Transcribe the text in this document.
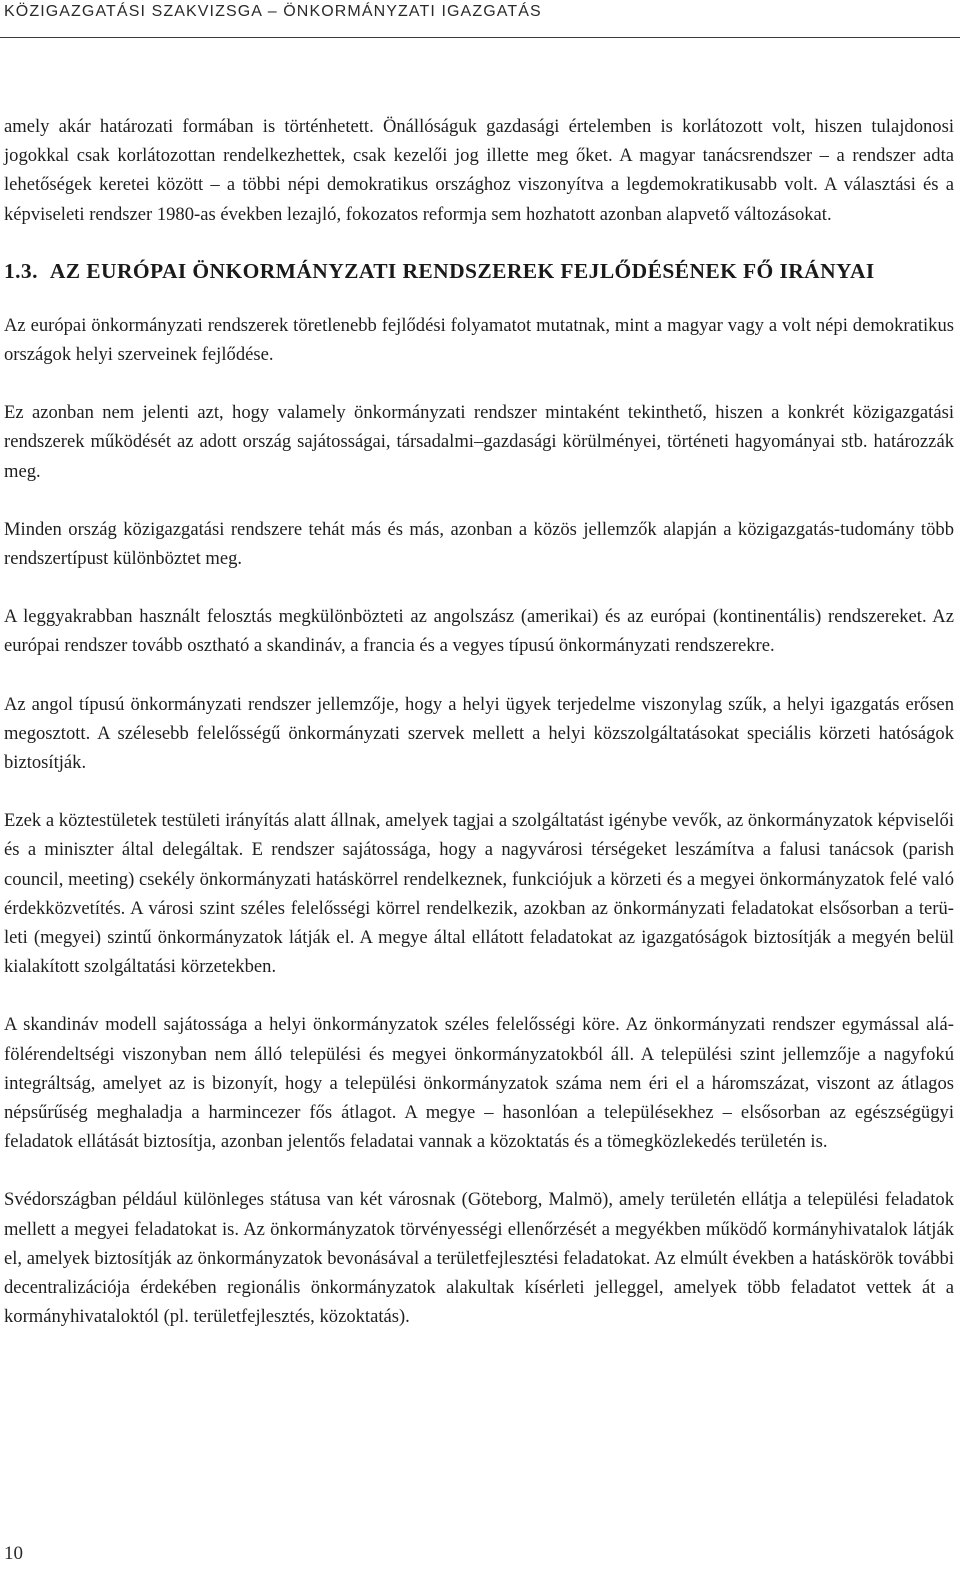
KÖZIGAZGATÁSI SZAKVIZSGA – ÖNKORMÁNYZATI IGAZGATÁS

amely akár határozati formában is történhetett. Önállóságuk gazdasági értelemben is korlátozott volt, hiszen tulajdonosi jogokkal csak korlátozottan rendelkezhettek, csak kezelői jog illette meg őket. A magyar tanácsrendszer – a rendszer adta lehetőségek keretei között – a többi népi demokratikus országhoz viszonyítva a legdemokratikusabb volt. A választási és a képviseleti rendszer 1980-as években lezajló, fokozatos reformja sem hozhatott azonban alapvető változásokat.

1.3. AZ EURÓPAI ÖNKORMÁNYZATI RENDSZEREK FEJLŐDÉSÉNEK FŐ IRÁNYAI

Az európai önkormányzati rendszerek töretlenebb fejlődési folyamatot mutatnak, mint a magyar vagy a volt népi demokratikus országok helyi szerveinek fejlődése.

Ez azonban nem jelenti azt, hogy valamely önkormányzati rendszer mintaként tekinthető, hiszen a konkrét közigazgatási rendszerek működését az adott ország sajátosságai, társadalmi–gazdasági körülményei, történeti hagyományai stb. határozzák meg.

Minden ország közigazgatási rendszere tehát más és más, azonban a közös jellemzők alapján a közigazgatás-tudomány több rendszertípust különböztet meg.

A leggyakrabban használt felosztás megkülönbözteti az angolszász (amerikai) és az európai (kontinentális) rendszereket. Az európai rendszer tovább osztható a skandináv, a francia és a vegyes típusú önkormányzati rendszerekre.

Az angol típusú önkormányzati rendszer jellemzője, hogy a helyi ügyek terjedelme viszonylag szűk, a helyi igazgatás erősen megosztott. A szélesebb felelősségű önkormányzati szervek mellett a helyi közszolgáltatásokat speciális körzeti hatóságok biztosítják.

Ezek a köztestületek testületi irányítás alatt állnak, amelyek tagjai a szolgáltatást igénybe vevők, az önkormányzatok képviselői és a miniszter által delegáltak. E rendszer sajátossága, hogy a nagyvárosi térségeket leszámítva a falusi tanácsok (parish council, meeting) csekély önkormányzati hatáskörrel rendelkeznek, funkciójuk a körzeti és a megyei önkormányzatok felé való érdekközvetítés. A városi szint széles felelősségi körrel rendelkezik, azokban az önkormányzati feladatokat elsősorban a területi (megyei) szintű önkormányzatok látják el. A megye által ellátott feladatokat az igazgatóságok biztosítják a megyén belül kialakított szolgáltatási körzetekben.

A skandináv modell sajátossága a helyi önkormányzatok széles felelősségi köre. Az önkormányzati rendszer egymással alá-fölérendeltségi viszonyban nem álló települési és megyei önkormányzatokból áll. A települési szint jellemzője a nagyfokú integráltság, amelyet az is bizonyít, hogy a települési önkormányzatok száma nem éri el a háromszázat, viszont az átlagos népsűrűség meghaladja a harmincezer fős átlagot. A megye – hasonlóan a településekhez – elsősorban az egészségügyi feladatok ellátását biztosítja, azonban jelentős feladatai vannak a közoktatás és a tömegközlekedés területén is.

Svédországban például különleges státusa van két városnak (Göteborg, Malmö), amely területén ellátja a települési feladatok mellett a megyei feladatokat is. Az önkormányzatok törvényességi ellenőrzését a megyékben működő kormányhivatalok látják el, amelyek biztosítják az önkormányzatok bevonásával a területfejlesztési feladatokat. Az elmúlt években a hatáskörök további decentralizációja érdekében regionális önkormányzatok alakultak kísérleti jelleggel, amelyek több feladatot vettek át a kormányhivataloktól (pl. területfejlesztés, közoktatás).

10
